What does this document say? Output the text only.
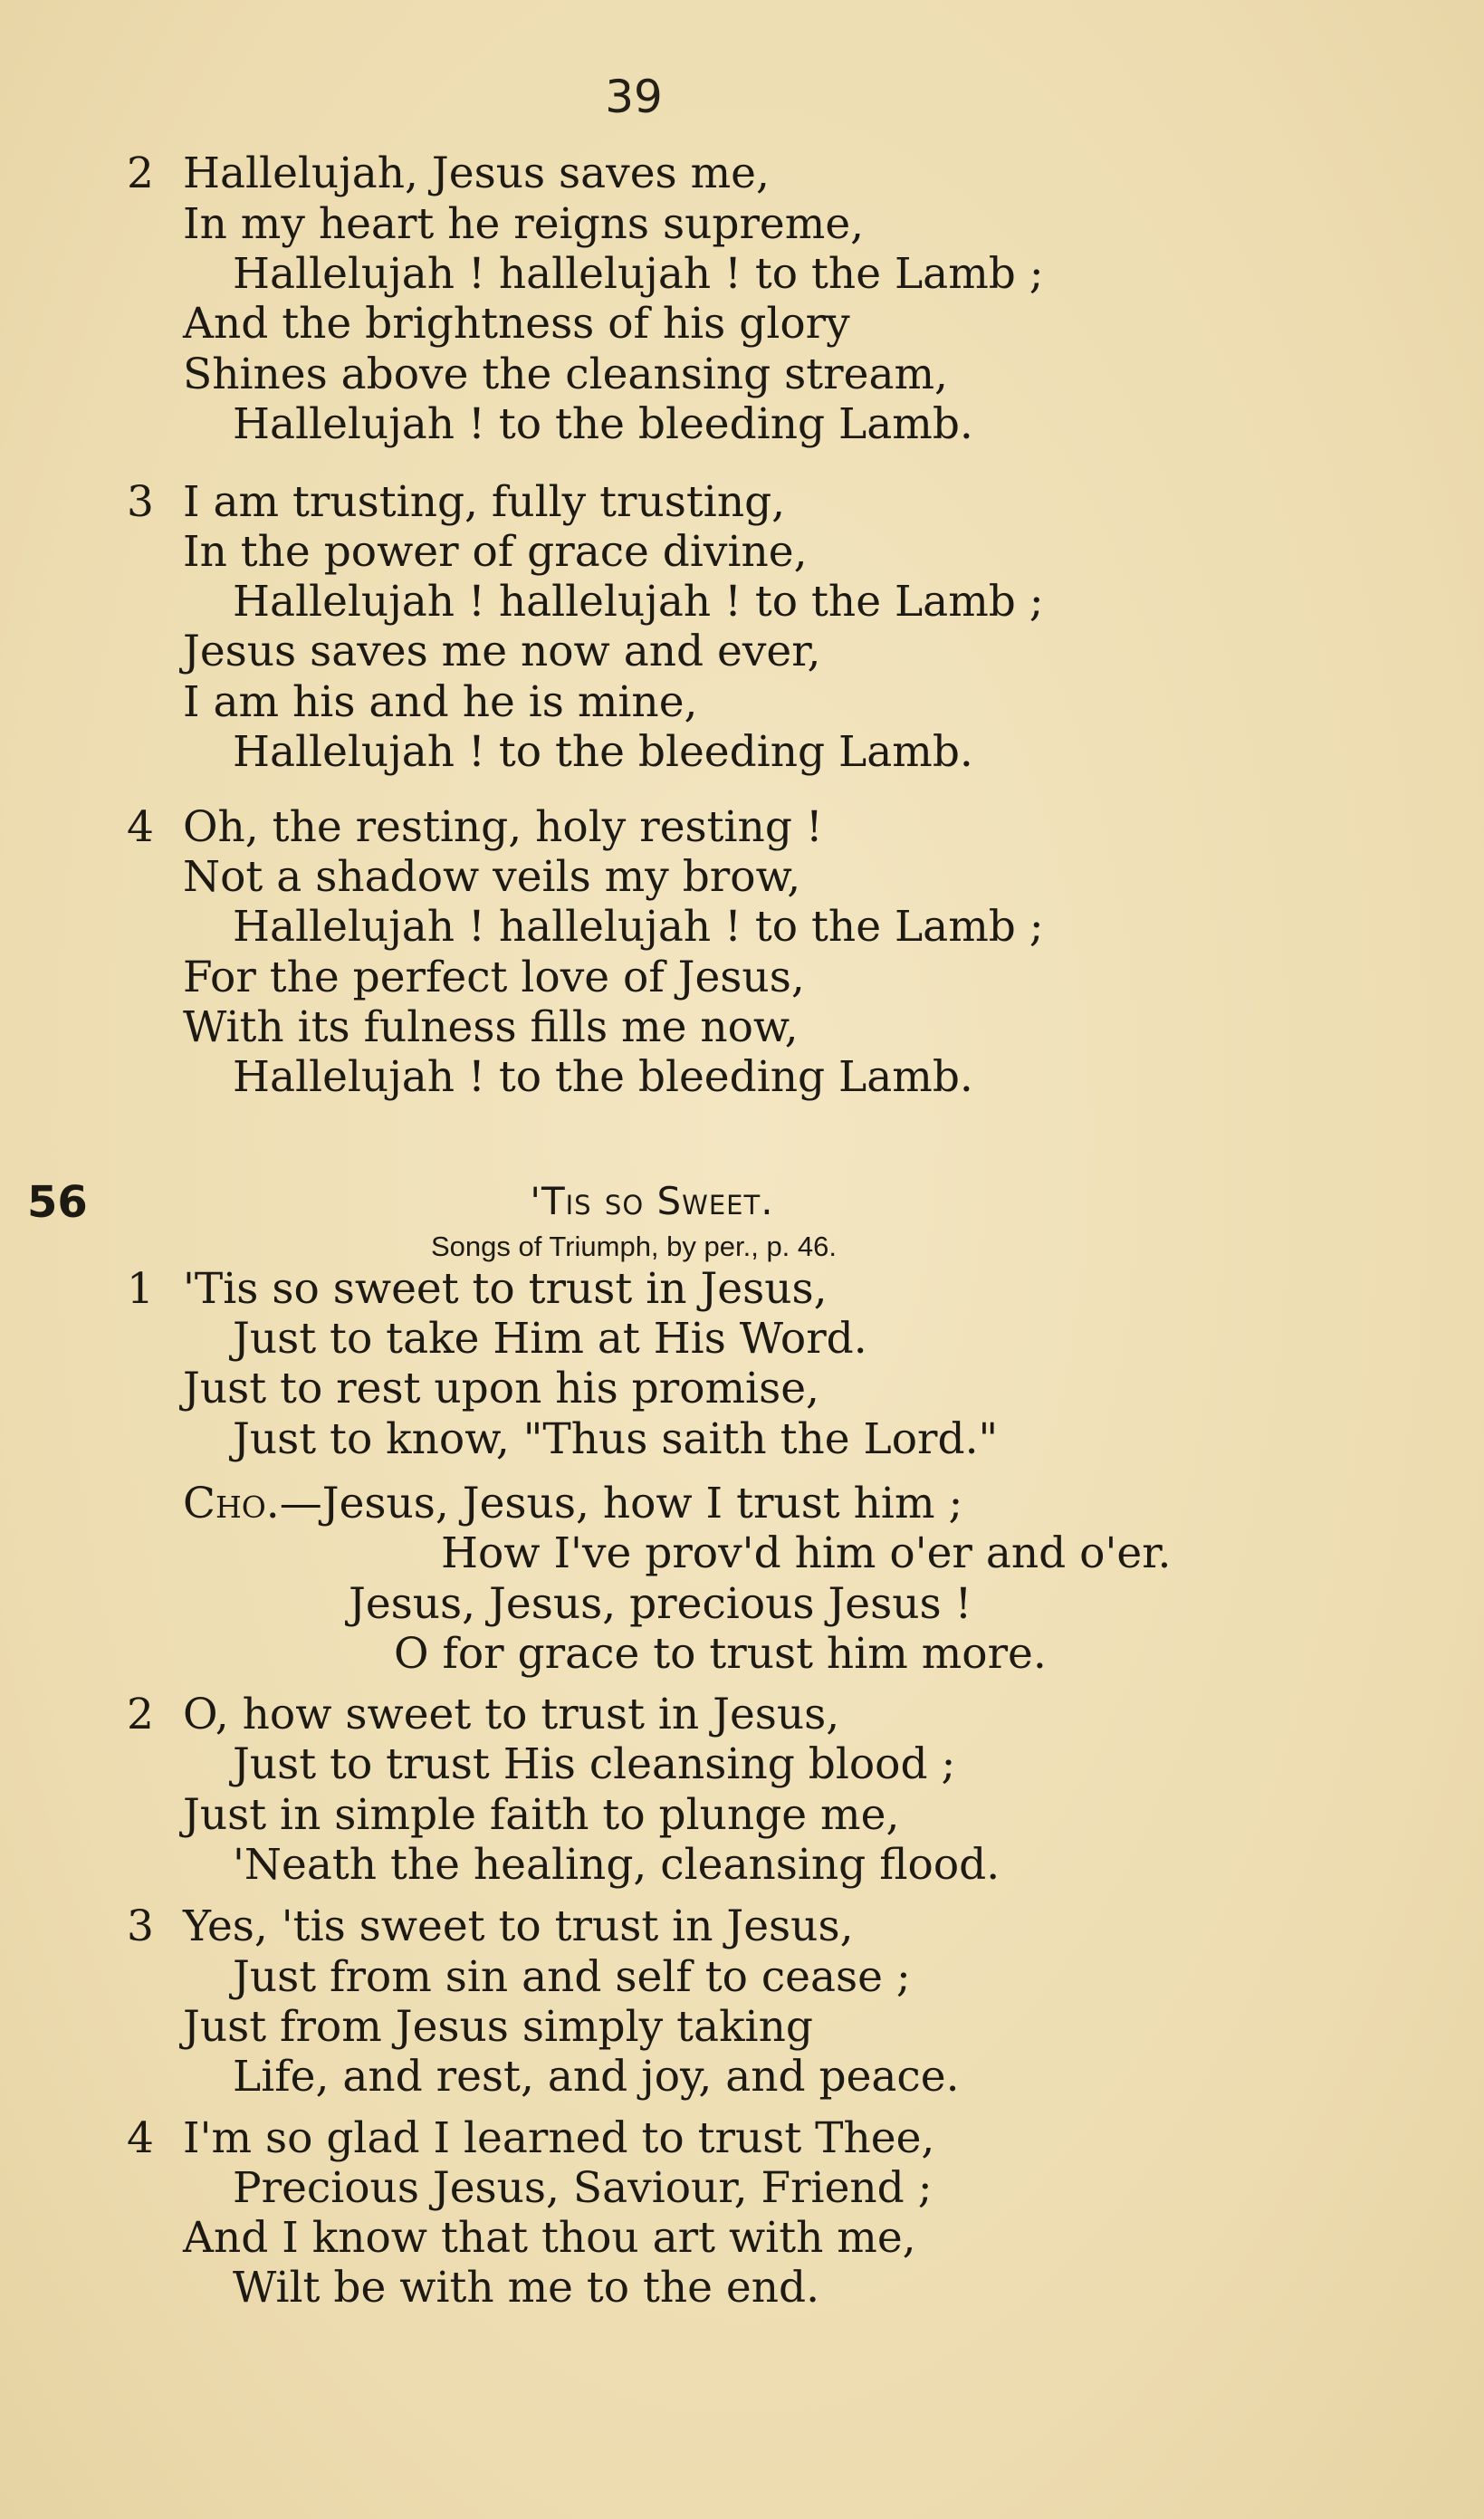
39
2 Hallelujah, Jesus saves me,
In my heart he reigns supreme,
Hallelujah ! hallelujah ! to the Lamb ;
And the brightness of his glory
Shines above the cleansing stream,
Hallelujah ! to the bleeding Lamb.
3 I am trusting, fully trusting,
In the power of grace divine,
Hallelujah ! hallelujah ! to the Lamb ;
Jesus saves me now and ever,
I am his and he is mine,
Hallelujah ! to the bleeding Lamb.
4 Oh, the resting, holy resting !
Not a shadow veils my brow,
Hallelujah ! hallelujah ! to the Lamb ;
For the perfect love of Jesus,
With its fulness fills me now,
Hallelujah ! to the bleeding Lamb.
56	'Tis so Sweet.
Songs of Triumph, by per., p. 46.
1 'Tis so sweet to trust in Jesus,
Just to take Him at His Word.
Just to rest upon his promise,
Just to know, "Thus saith the Lord."
Cho.—Jesus, Jesus, how I trust him ;
How I've prov'd him o'er and o'er.
Jesus, Jesus, precious Jesus !
O for grace to trust him more.
2 O, how sweet to trust in Jesus,
Just to trust His cleansing blood ;
Just in simple faith to plunge me,
'Neath the healing, cleansing flood.
3 Yes, 'tis sweet to trust in Jesus,
Just from sin and self to cease ;
Just from Jesus simply taking
Life, and rest, and joy, and peace.
4 I'm so glad I learned to trust Thee,
Precious Jesus, Saviour, Friend ;
And I know that thou art with me,
Wilt be with me to the end.
